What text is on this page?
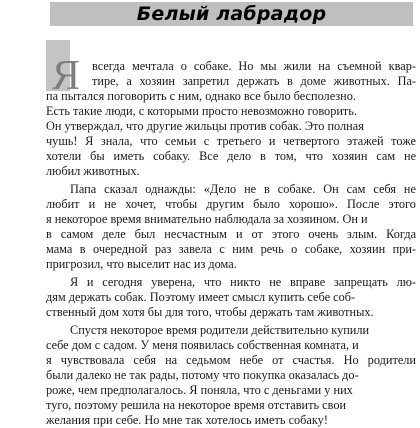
Белый лабрадор
Я всегда мечтала о собаке. Но мы жили на съемной квар-
тире, а хозяин запретил держать в доме животных. Па-
па пытался поговорить с ним, однако все было бесполезно.
Есть такие люди, с которыми просто невозможно говорить.
Он утверждал, что другие жильцы против собак. Это полная
чушь! Я знала, что семьи с третьего и четвертого этажей тоже
хотели бы иметь собаку. Все дело в том, что хозяин сам не
любил животных.
Папа сказал однажды: «Дело не в собаке. Он сам себя не
любит и не хочет, чтобы другим было хорошо». После этого
я некоторое время внимательно наблюдала за хозяином. Он и
в самом деле был несчастным и от этого очень злым. Когда
мама в очередной раз завела с ним речь о собаке, хозяин при-
пригрозил, что выселит нас из дома.
Я и сегодня уверена, что никто не вправе запрещать лю-
дям держать собак. Поэтому имеет смысл купить себе соб-
ственный дом хотя бы для того, чтобы держать там животных.
Спустя некоторое время родители действительно купили
себе дом с садом. У меня появилась собственная комната, и
я чувствовала себя на седьмом небе от счастья. Но родители
были далеко не так рады, потому что покупка оказалась до-
роже, чем предполагалось. Я поняла, что с деньгами у них
туго, поэтому решила на некоторое время отставить свои
желания при себе. Но мне так хотелось иметь собаку!
